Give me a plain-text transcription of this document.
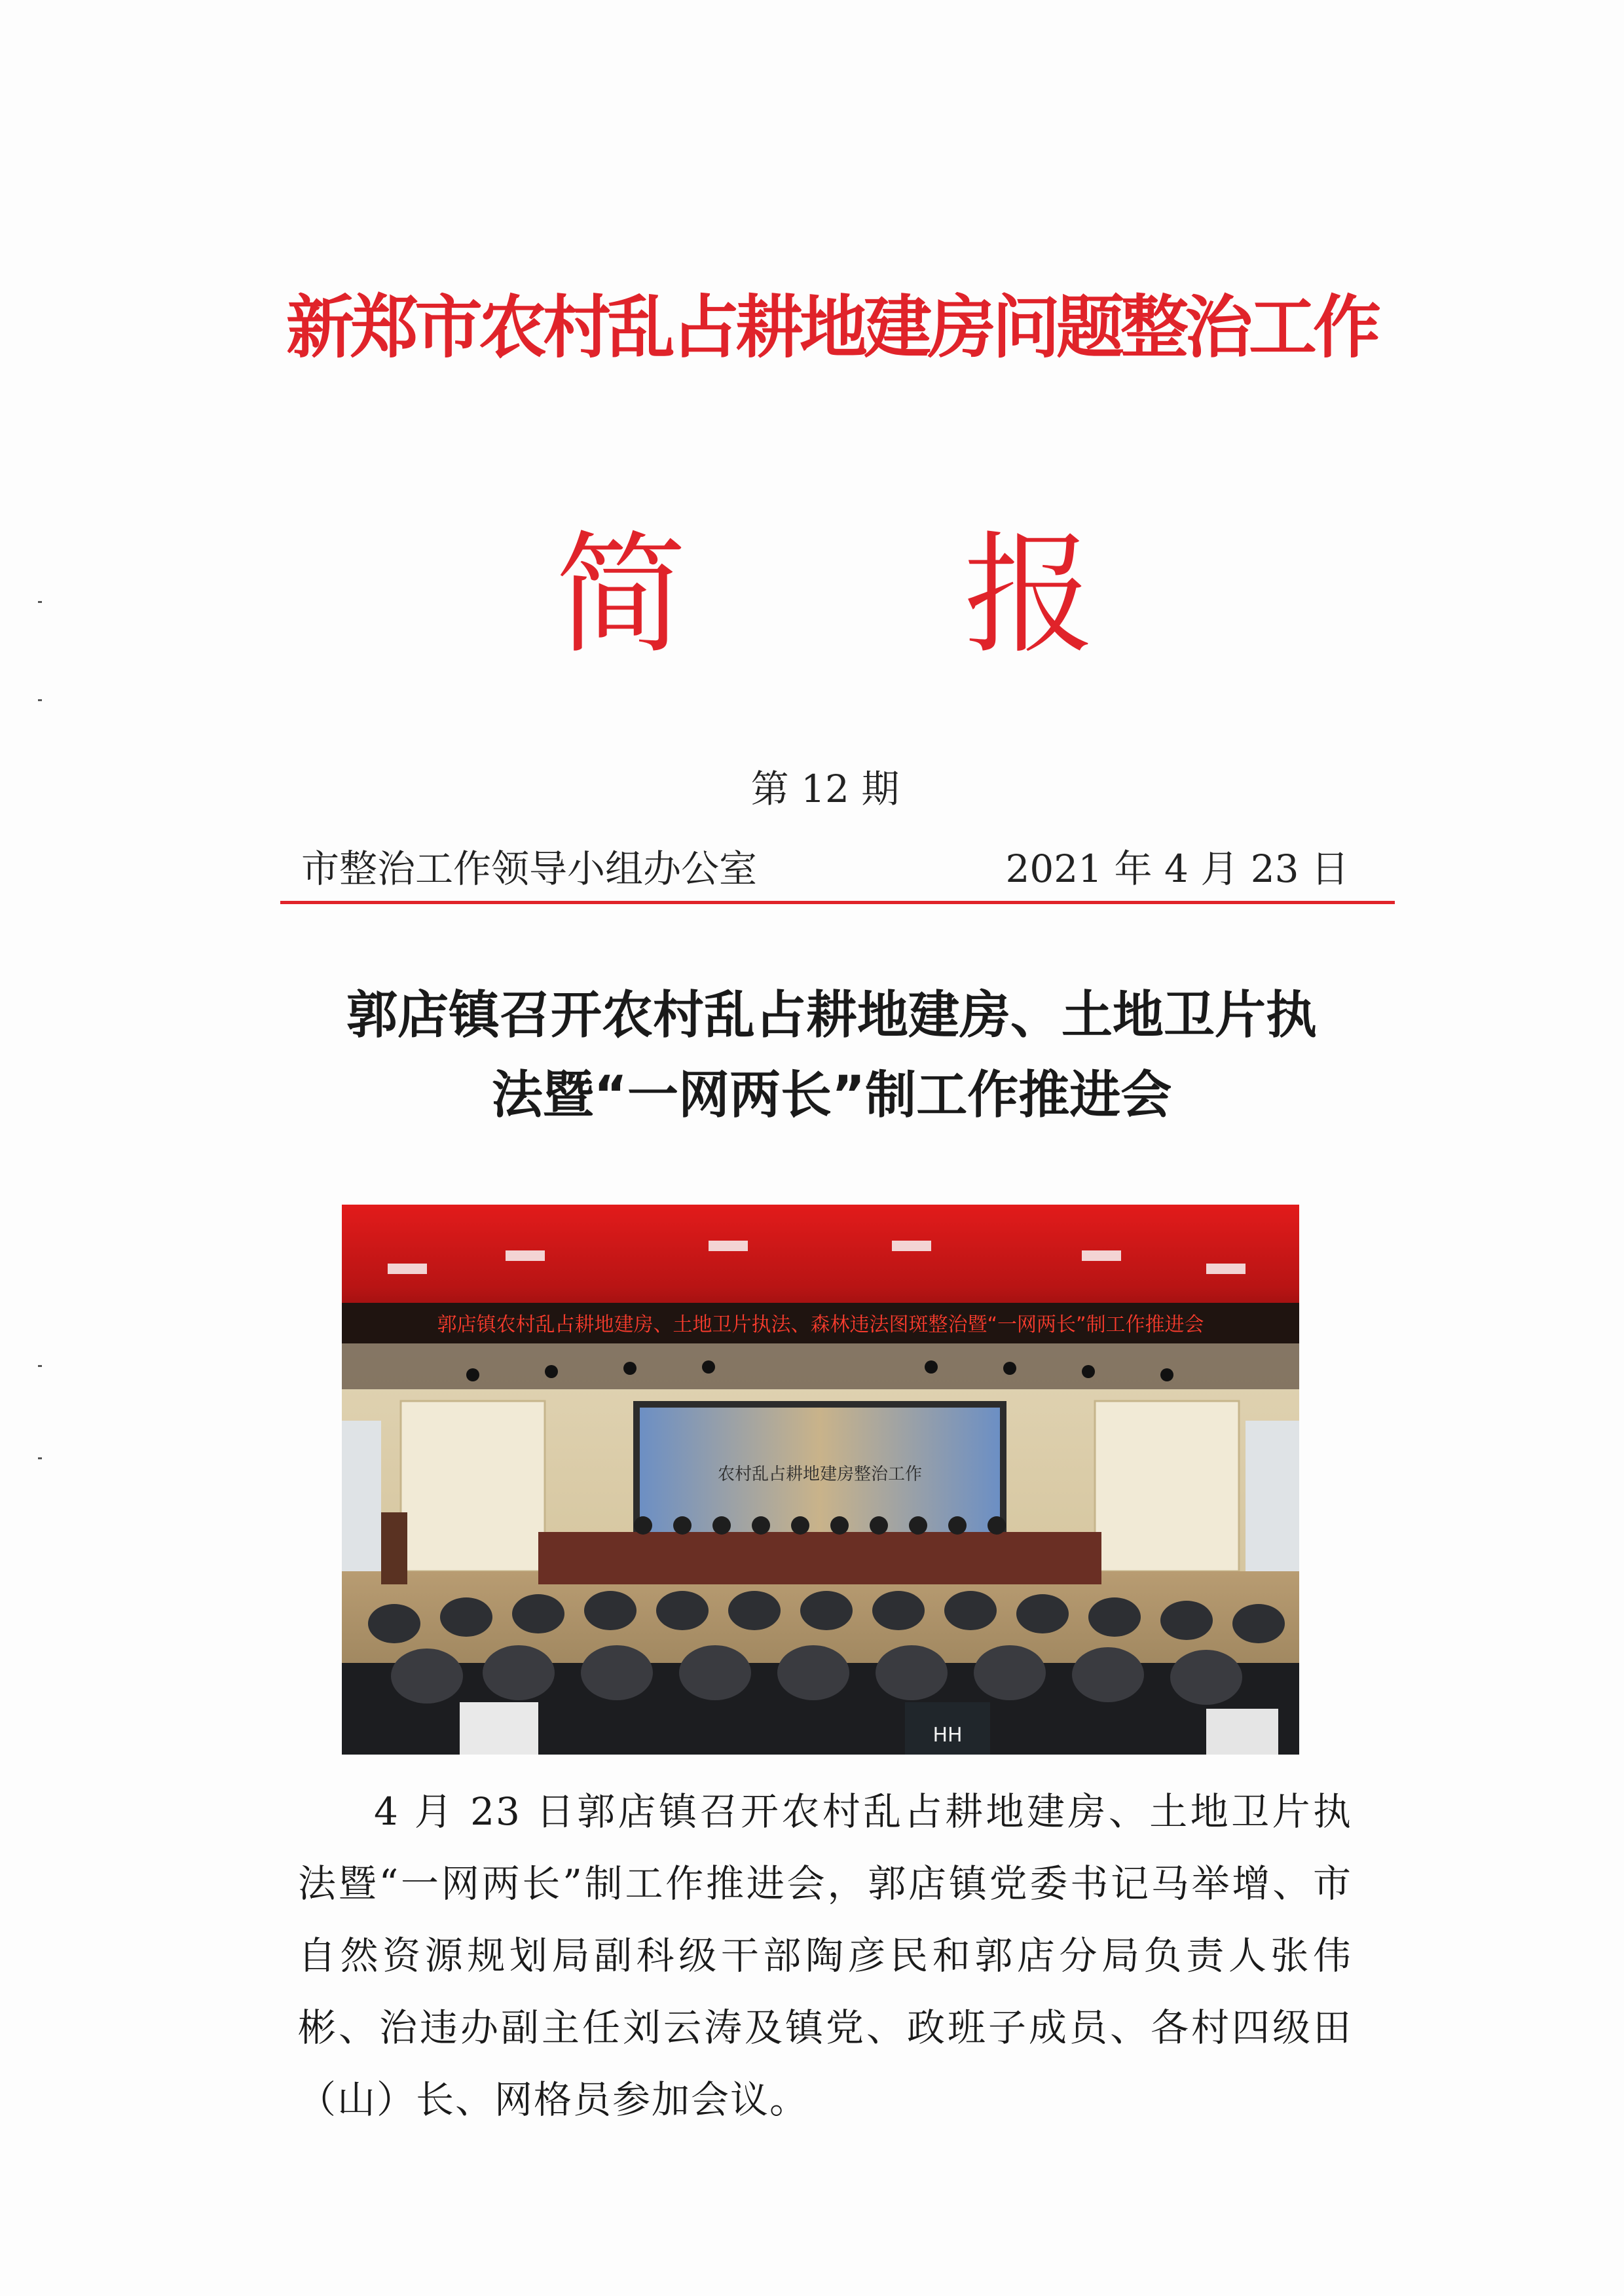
新郑市农村乱占耕地建房问题整治工作
简 报
第 12 期
市整治工作领导小组办公室	2021 年 4 月 23 日
郭店镇召开农村乱占耕地建房、土地卫片执
法暨“一网两长”制工作推进会
郭店镇农村乱占耕地建房、土地卫片执法、森林违法图斑整治暨“一网两长”制工作推进会
农村乱占耕地建房整治工作
HH
4 月 23 日郭店镇召开农村乱占耕地建房、土地卫片执法暨“一网两长”制工作推进会，郭店镇党委书记马举增、市自然资源规划局副科级干部陶彦民和郭店分局负责人张伟彬、治违办副主任刘云涛及镇党、政班子成员、各村四级田（山）长、网格员参加会议。
